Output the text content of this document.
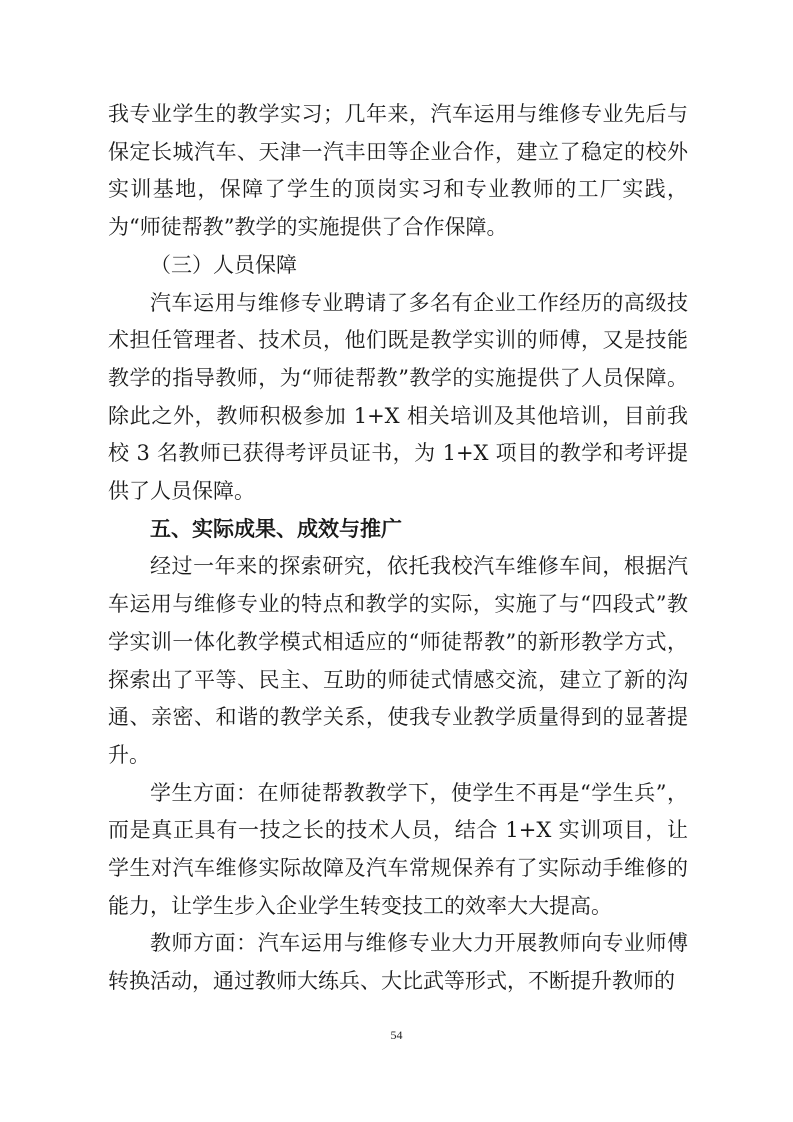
我专业学生的教学实习；几年来，汽车运用与维修专业先后与保定长城汽车、天津一汽丰田等企业合作，建立了稳定的校外实训基地，保障了学生的顶岗实习和专业教师的工厂实践，为“师徒帮教”教学的实施提供了合作保障。

（三）人员保障

汽车运用与维修专业聘请了多名有企业工作经历的高级技术担任管理者、技术员，他们既是教学实训的师傅，又是技能教学的指导教师，为“师徒帮教”教学的实施提供了人员保障。除此之外，教师积极参加 1+X 相关培训及其他培训，目前我校 3 名教师已获得考评员证书，为 1+X 项目的教学和考评提供了人员保障。

五、实际成果、成效与推广

经过一年来的探索研究，依托我校汽车维修车间，根据汽车运用与维修专业的特点和教学的实际，实施了与“四段式”教学实训一体化教学模式相适应的“师徒帮教”的新形教学方式，探索出了平等、民主、互助的师徒式情感交流，建立了新的沟通、亲密、和谐的教学关系，使我专业教学质量得到的显著提升。

学生方面：在师徒帮教教学下，使学生不再是“学生兵”，而是真正具有一技之长的技术人员，结合 1+X 实训项目，让学生对汽车维修实际故障及汽车常规保养有了实际动手维修的能力，让学生步入企业学生转变技工的效率大大提高。

教师方面：汽车运用与维修专业大力开展教师向专业师傅转换活动，通过教师大练兵、大比武等形式，不断提升教师的

54
